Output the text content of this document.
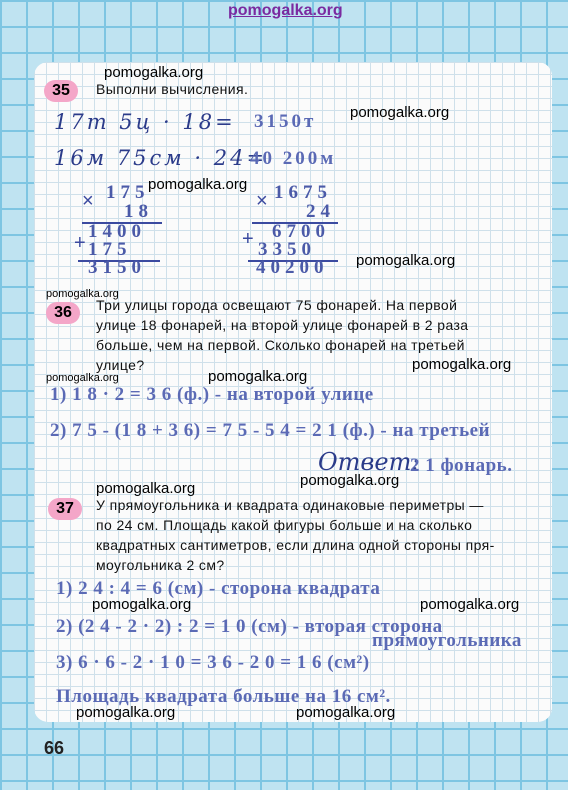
pomogalka.org
35	Выполни вычисления.
17т 5ц · 18= 3150т
16м 75см · 24=
40 200м
× 175
18
1400
+ 175
3150
× 1675
24
6700
+ 3350
40200
36	Три улицы города освещают 75 фонарей. На первой
улице 18 фонарей, на второй улице фонарей в 2 раза
больше, чем на первой. Сколько фонарей на третьей
улице?
1) 1 8 · 2 = 3 6 (ф.) - на второй улице
2) 7 5 - (1 8 + 3 6) = 7 5 - 5 4 = 2 1 (ф.) - на третьей
Ответ:
2 1 фонарь.
37	У прямоугольника и квадрата одинаковые периметры —
по 24 см. Площадь какой фигуры больше и на сколько
квадратных сантиметров, если длина одной стороны пря-
моугольника 2 см?
1) 2 4 : 4 = 6 (см) - сторона квадрата
2) (2 4 - 2 · 2) : 2 = 1 0 (см) - вторая сторона
прямоугольника
3) 6 · 6 - 2 · 1 0 = 3 6 - 2 0 = 1 6 (см²)
Площадь квадрата больше на 16 см².
pomogalka.org
pomogalka.org
pomogalka.org
pomogalka.org
pomogalka.org
pomogalka.org
pomogalka.org	pomogalka.org
pomogalka.org
pomogalka.org
pomogalka.org	pomogalka.org
pomogalka.org	pomogalka.org
66
